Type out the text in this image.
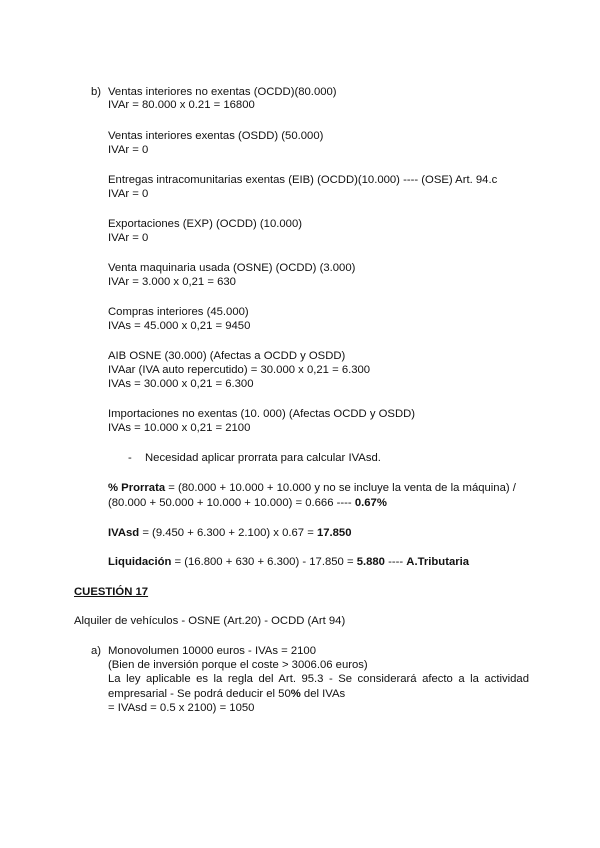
b) Ventas interiores no exentas (OCDD)(80.000)
IVAr = 80.000 x 0.21 = 16800
Ventas interiores exentas (OSDD) (50.000)
IVAr = 0
Entregas intracomunitarias exentas (EIB) (OCDD)(10.000) ---- (OSE) Art. 94.c
IVAr = 0
Exportaciones (EXP) (OCDD) (10.000)
IVAr = 0
Venta maquinaria usada (OSNE) (OCDD) (3.000)
IVAr = 3.000 x 0,21 = 630
Compras interiores (45.000)
IVAs = 45.000 x 0,21 = 9450
AIB OSNE (30.000) (Afectas a OCDD y OSDD)
IVAar (IVA auto repercutido) = 30.000 x 0,21 = 6.300
IVAs = 30.000 x 0,21 = 6.300
Importaciones no exentas (10. 000) (Afectas OCDD y OSDD)
IVAs = 10.000 x 0,21 = 2100
- Necesidad aplicar prorrata para calcular IVAsd.
% Prorrata = (80.000 + 10.000 + 10.000 y no se incluye la venta de la máquina) /
(80.000 + 50.000 + 10.000 + 10.000) = 0.666 ---- 0.67%
IVAsd = (9.450 + 6.300 + 2.100) x 0.67 = 17.850
Liquidación = (16.800 + 630 + 6.300) - 17.850 = 5.880 ---- A.Tributaria
CUESTIÓN 17
Alquiler de vehículos - OSNE (Art.20) - OCDD (Art 94)
a) Monovolumen 10000 euros - IVAs = 2100
(Bien de inversión porque el coste > 3006.06 euros)
La ley aplicable es la regla del Art. 95.3 - Se considerará afecto a la actividad
empresarial - Se podrá deducir el 50% del IVAs
= IVAsd = 0.5 x 2100) = 1050
